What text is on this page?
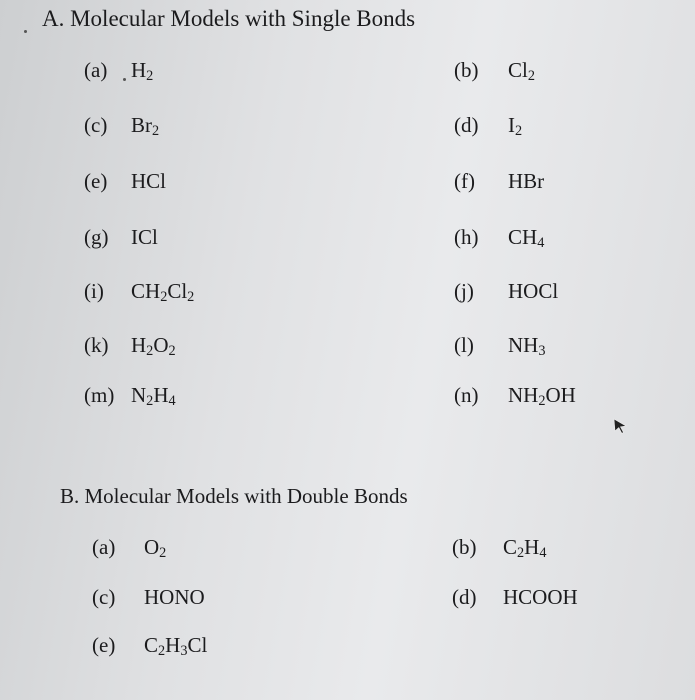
A. Molecular Models with Single Bonds
(a) $H_2$	(b) $Cl_2$
(c) $Br_2$	(d) $I_2$
(e) HCl	(f) HBr
(g) ICl	(h) $CH_4$
(i) $CH_2Cl_2$	(j) HOCl
(k) $H_2O_2$	(l) $NH_3$
(m) $N_2H_4$	(n) $NH_2OH$
B. Molecular Models with Double Bonds
(a) $O_2$	(b) $C_2H_4$
(c) HONO	(d) HCOOH
(e) $C_2H_3Cl$
